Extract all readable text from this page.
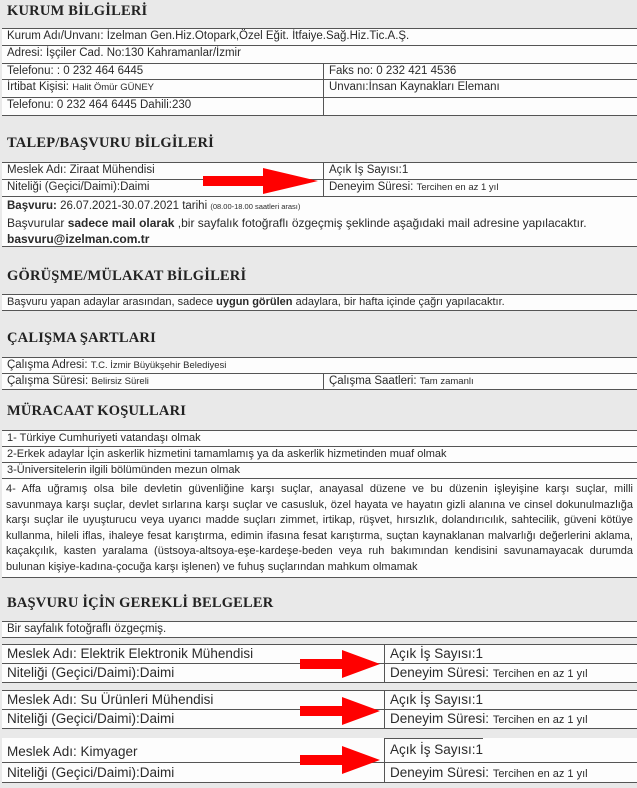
KURUM BİLGİLERİ
Kurum Adı/Unvanı: İzelman Gen.Hiz.Otopark,Özel Eğit. İtfaiye.Sağ.Hiz.Tic.A.Ş.
Adresi: İşçiler Cad. No:130 Kahramanlar/İzmir
Telefonu: : 0 232 464 6445	Faks no: 0 232 421 4536
İrtibat Kişisi: Halit Ömür GÜNEY	Unvanı:İnsan Kaynakları Elemanı
Telefonu: 0 232 464 6445 Dahili:230
TALEP/BAŞVURU BİLGİLERİ
Meslek Adı: Ziraat Mühendisi	Açık İş Sayısı:1
Niteliği (Geçici/Daimi):Daimi	Deneyim Süresi: Tercihen en az 1 yıl
Başvuru: 26.07.2021-30.07.2021 tarihi (08.00-18.00 saatleri arası)
Başvurular sadece mail olarak ,bir sayfalık fotoğraflı özgeçmiş şeklinde aşağıdaki mail adresine yapılacaktır.
basvuru@izelman.com.tr
GÖRÜŞME/MÜLAKAT BİLGİLERİ
Başvuru yapan adaylar arasından, sadece uygun görülen adaylara, bir hafta içinde çağrı yapılacaktır.
ÇALIŞMA ŞARTLARI
Çalışma Adresi: T.C. İzmir Büyükşehir Belediyesi
Çalışma Süresi: Belirsiz Süreli	Çalışma Saatleri: Tam zamanlı
MÜRACAAT KOŞULLARI
1- Türkiye Cumhuriyeti vatandaşı olmak
2-Erkek adaylar İçin askerlik hizmetini tamamlamış ya da askerlik hizmetinden muaf olmak
3-Üniversitelerin ilgili bölümünden mezun olmak
4- Affa uğramış olsa bile devletin güvenliğine karşı suçlar, anayasal düzene ve bu düzenin işleyişine karşı suçlar, milli savunmaya karşı suçlar, devlet sırlarına karşı suçlar ve casusluk, özel hayata ve hayatın gizli alanına ve cinsel dokunulmazlığa karşı suçlar ile uyuşturucu veya uyarıcı madde suçları zimmet, irtikap, rüşvet, hırsızlık, dolandırıcılık, sahtecilik, güveni kötüye kullanma, hileli iflas, ihaleye fesat karıştırma, edimin ifasına fesat karıştırma, suçtan kaynaklanan malvarlığı değerlerini aklama, kaçakçılık, kasten yaralama (üstsoya-altsoya-eşe-kardeşe-beden veya ruh bakımından kendisini savunamayacak durumda bulunan kişiye-kadına-çocuğa karşı işlenen) ve fuhuş suçlarından mahkum olmamak
BAŞVURU İÇİN GEREKLİ BELGELER
Bir sayfalık fotoğraflı özgeçmiş.
Meslek Adı: Elektrik Elektronik Mühendisi	Açık İş Sayısı:1
Niteliği (Geçici/Daimi):Daimi	Deneyim Süresi: Tercihen en az 1 yıl
Meslek Adı: Su Ürünleri Mühendisi	Açık İş Sayısı:1
Niteliği (Geçici/Daimi):Daimi	Deneyim Süresi: Tercihen en az 1 yıl
Meslek Adı: Kimyager	Açık İş Sayısı:1
Niteliği (Geçici/Daimi):Daimi	Deneyim Süresi: Tercihen en az 1 yıl
